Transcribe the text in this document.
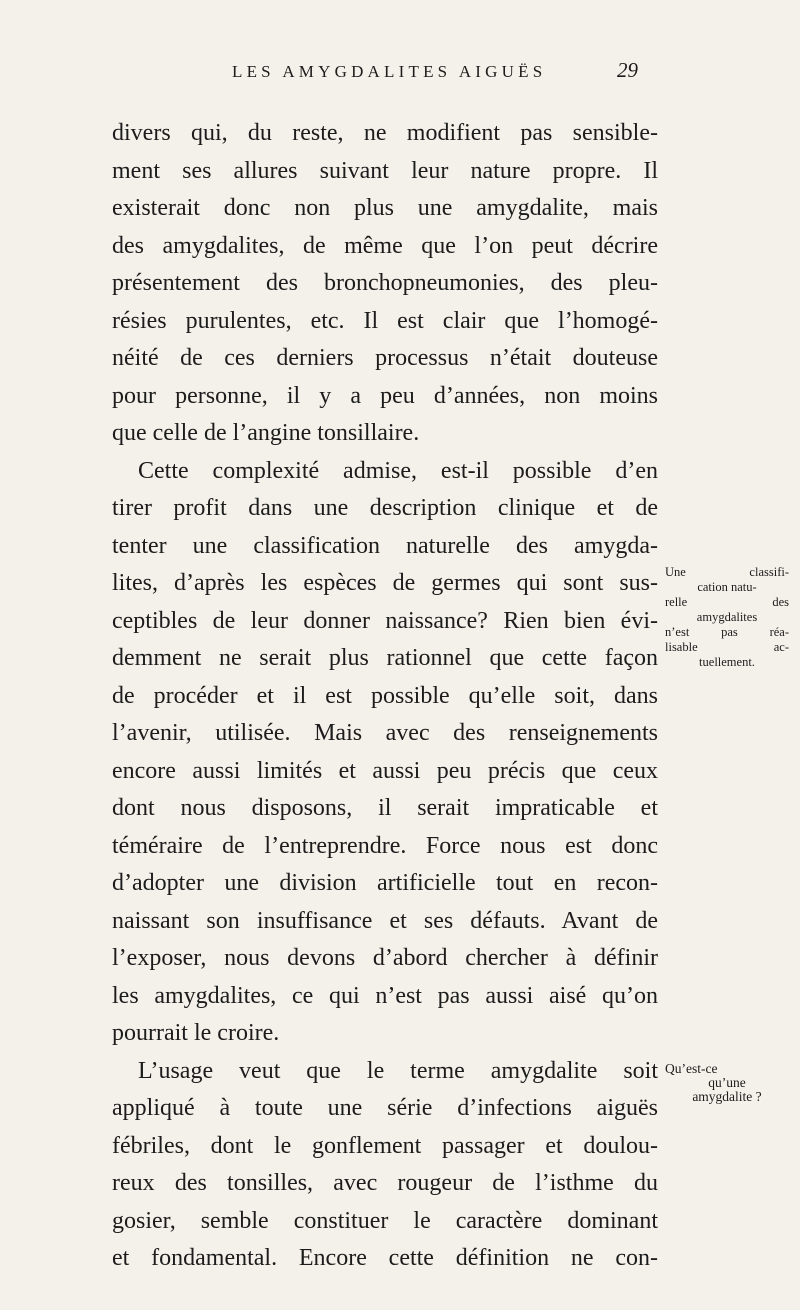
LES AMYGDALITES AIGUËS	29
divers qui, du reste, ne modifient pas sensible-
ment ses allures suivant leur nature propre. Il
existerait donc non plus une amygdalite, mais
des amygdalites, de même que l’on peut décrire
présentement des bronchopneumonies, des pleu-
résies purulentes, etc. Il est clair que l’homogé-
néité de ces derniers processus n’était douteuse
pour personne, il y a peu d’années, non moins
que celle de l’angine tonsillaire.
Cette complexité admise, est-il possible d’en
tirer profit dans une description clinique et de
tenter une classification naturelle des amygda-
lites, d’après les espèces de germes qui sont sus-
ceptibles de leur donner naissance? Rien bien évi-
demment ne serait plus rationnel que cette façon
de procéder et il est possible qu’elle soit, dans
l’avenir, utilisée. Mais avec des renseignements
encore aussi limités et aussi peu précis que ceux
dont nous disposons, il serait impraticable et
téméraire de l’entreprendre. Force nous est donc
d’adopter une division artificielle tout en recon-
naissant son insuffisance et ses défauts. Avant de
l’exposer, nous devons d’abord chercher à définir
les amygdalites, ce qui n’est pas aussi aisé qu’on
pourrait le croire.
L’usage veut que le terme amygdalite soit
appliqué à toute une série d’infections aiguës
fébriles, dont le gonflement passager et doulou-
reux des tonsilles, avec rougeur de l’isthme du
gosier, semble constituer le caractère dominant
et fondamental. Encore cette définition ne con-
Une classifi-
cation natu-
relle des
amygdalites
n’est pas réa-
lisable ac-
tuellement.
Qu’est-ce
qu’une
amygdalite ?
